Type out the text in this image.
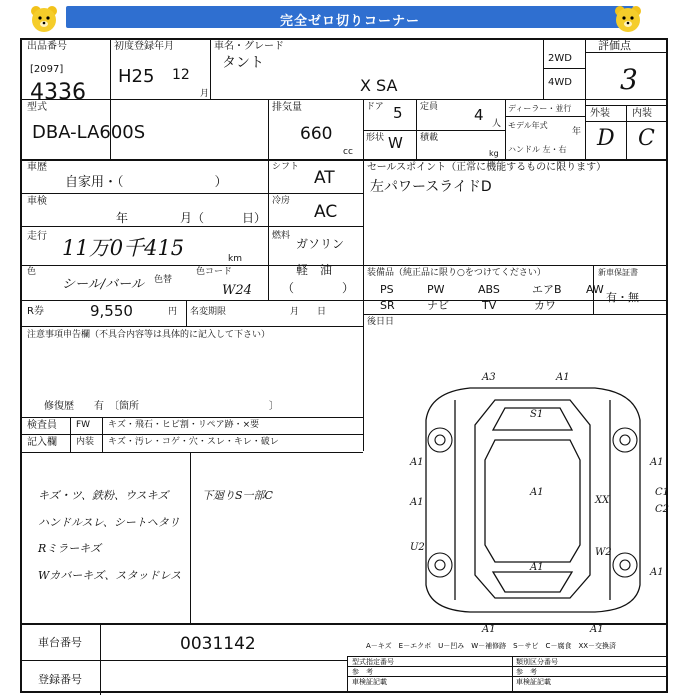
完全ゼロ切りコーナー
出品番号
[2097]
4336
初度登録年月
H25 12
月
車名・グレード
タント
X SA
2WD
4WD
評価点
3
外装 内装
D C
型式
DBA-LA600S
排気量
660
cc
ドア 5
形状 W
定員 4 人
積載
kg
ディーラー・並行
モデル年式
年
ハンドル 左・右
車歴
自家用・（　　　　　　　）
シフト
AT
セールスポイント（正常に機能するものに限ります）
左パワースライドD
車検
年	月（	日）
冷房
AC
走行 11万0千415	km
燃料
ガソリン
軽　油
（　　　　）
色
シール/バール 色替
色コード
W24
装備品（純正品に限り○をつけてください）
PS	PW	ABS	エアB AW
SR	ナビ	TV	カワ
新車保証書
有・無
R券	9,550	円 名変期限	月　　日
後日日
注意事項申告欄（不具合内容等は具体的に記入して下さい）
修復歴　　有　〔箇所　　　　　　　　　　　　　〕
検査員
記入欄
FW キズ・飛石・ヒビ割・リペア跡・×要
内装 キズ・汚レ・コゲ・穴・スレ・キレ・破レ
キズ・ツ、鉄粉、ウスキズ
ハンドルスレ、シートヘタリ
Rミラーキズ
Wカバーキズ、スタッドレス
下廻りS一部C
A3	A1
S1
A1	A1
A1
XX
C1
C2
A1
U2	W2
A1	A1
A1	A1
A－キズ　E－エクボ　U－凹み　W－補修跡　S－サビ　C－腐食　XX－交換済
型式指定番号	類別区分番号
参　考	参　考
車検証記載	車検証記載
車台番号	0031142
登録番号
